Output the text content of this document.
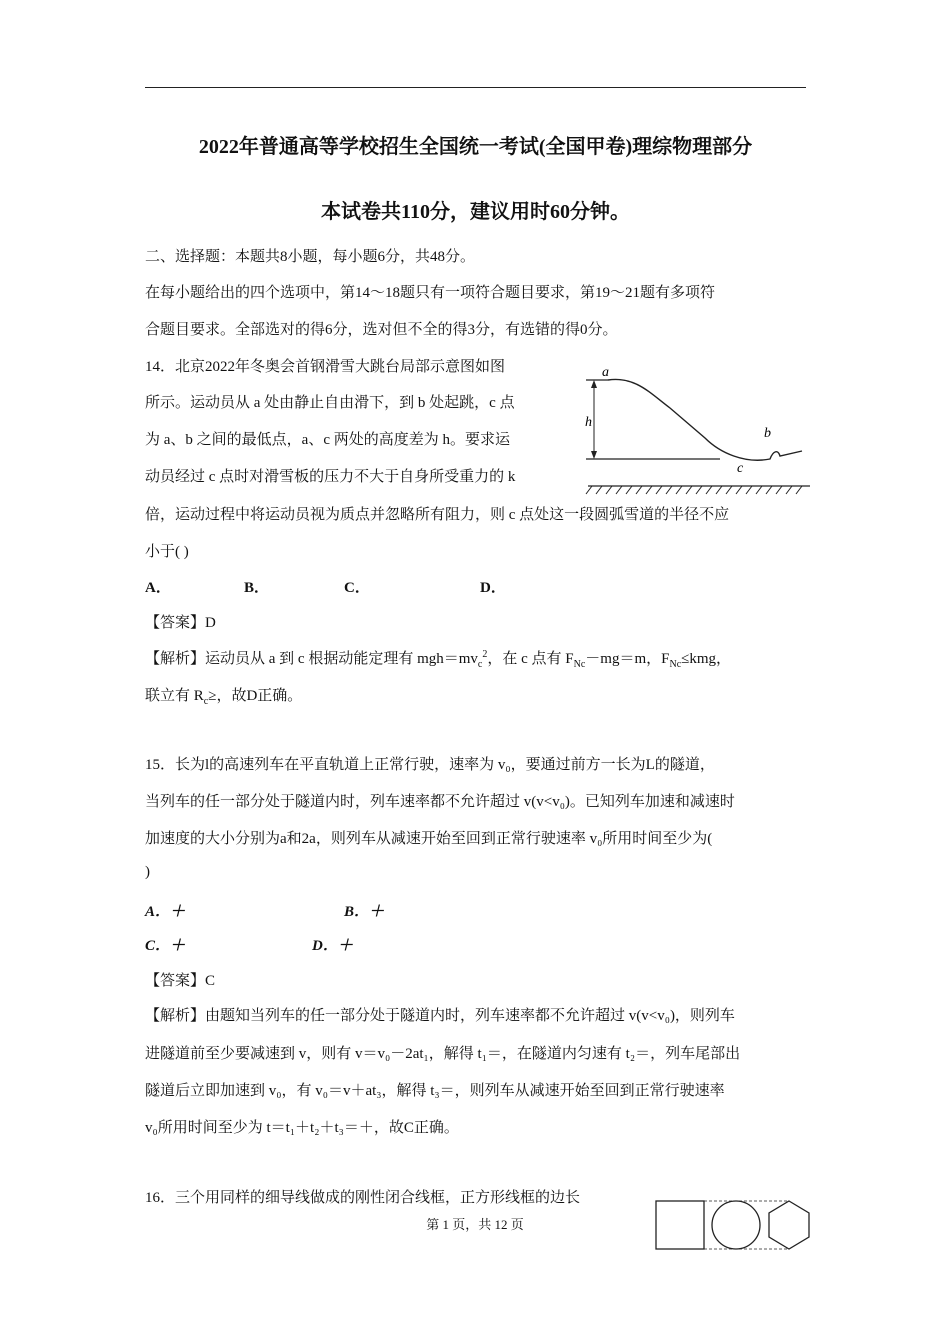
2022年普通高等学校招生全国统一考试(全国甲卷)理综物理部分
本试卷共110分，建议用时60分钟。
二、选择题：本题共8小题，每小题6分，共48分。
在每小题给出的四个选项中，第14～18题只有一项符合题目要求，第19～21题有多项符
合题目要求。全部选对的得6分，选对但不全的得3分，有选错的得0分。
14．北京2022年冬奥会首钢滑雪大跳台局部示意图如图
所示。运动员从 a 处由静止自由滑下，到 b 处起跳，c 点
为 a、b 之间的最低点，a、c 两处的高度差为 h。要求运
动员经过 c 点时对滑雪板的压力不大于自身所受重力的 k
倍，运动过程中将运动员视为质点并忽略所有阻力，则 c 点处这一段圆弧雪道的半径不应
小于( )
a
h
b
c
A．	B．	C．	D．
【答案】D
【解析】运动员从 a 到 c 根据动能定理有 $mgh=mv_c^2$，在 c 点有 $F_{Nc}-mg=m$，$F_{Nc}\le kmg$，
联立有 $R_c\ge$，故D正确。
15．长为l的高速列车在平直轨道上正常行驶，速率为 v₀，要通过前方一长为L的隧道，
当列车的任一部分处于隧道内时，列车速率都不允许超过 v(v<v₀)。已知列车加速和减速时
加速度的大小分别为a和2a，则列车从减速开始至回到正常行驶速率 v₀所用时间至少为(
)
A．＋	B．＋
C．＋	D．＋
【答案】C
【解析】由题知当列车的任一部分处于隧道内时，列车速率都不允许超过 v(v<v₀)，则列车
进隧道前至少要减速到 v，则有 v＝v₀－2at₁，解得 t₁＝，在隧道内匀速有 t₂＝，列车尾部出
隧道后立即加速到 v₀，有 v₀＝v＋at₃，解得 t₃＝，则列车从减速开始至回到正常行驶速率
v₀所用时间至少为 t＝t₁＋t₂＋t₃＝＋，故C正确。
16．三个用同样的细导线做成的刚性闭合线框，正方形线框的边长
第 1 页，共 12 页
